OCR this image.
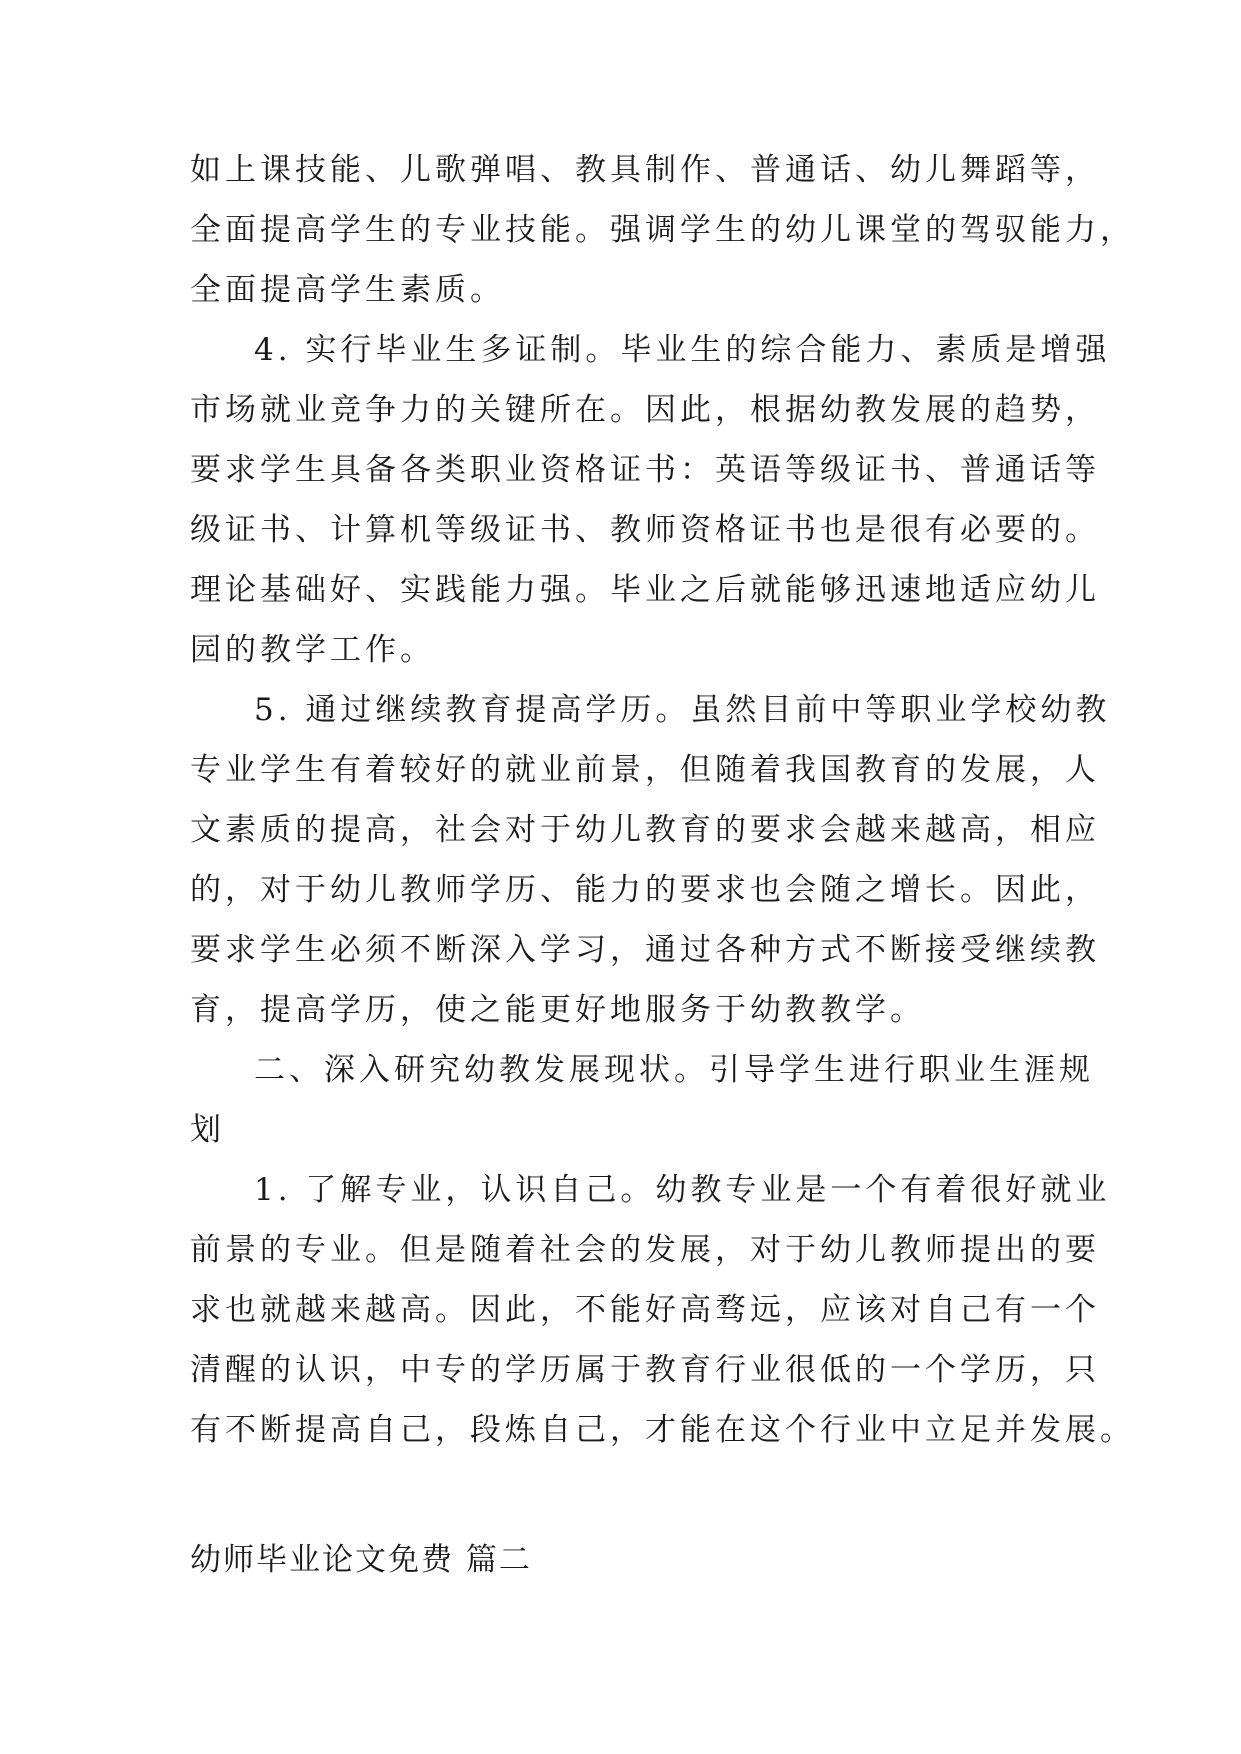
如上课技能、儿歌弹唱、教具制作、普通话、幼儿舞蹈等，
全面提高学生的专业技能。强调学生的幼儿课堂的驾驭能力，
全面提高学生素质。
4. 实行毕业生多证制。毕业生的综合能力、素质是增强
市场就业竞争力的关键所在。因此，根据幼教发展的趋势，
要求学生具备各类职业资格证书：英语等级证书、普通话等
级证书、计算机等级证书、教师资格证书也是很有必要的。
理论基础好、实践能力强。毕业之后就能够迅速地适应幼儿
园的教学工作。
5. 通过继续教育提高学历。虽然目前中等职业学校幼教
专业学生有着较好的就业前景，但随着我国教育的发展，人
文素质的提高，社会对于幼儿教育的要求会越来越高，相应
的，对于幼儿教师学历、能力的要求也会随之增长。因此，
要求学生必须不断深入学习，通过各种方式不断接受继续教
育，提高学历，使之能更好地服务于幼教教学。
二、深入研究幼教发展现状。引导学生进行职业生涯规
划
1. 了解专业，认识自己。幼教专业是一个有着很好就业
前景的专业。但是随着社会的发展，对于幼儿教师提出的要
求也就越来越高。因此，不能好高骛远，应该对自己有一个
清醒的认识，中专的学历属于教育行业很低的一个学历，只
有不断提高自己，段炼自己，才能在这个行业中立足并发展。
幼师毕业论文免费 篇二
